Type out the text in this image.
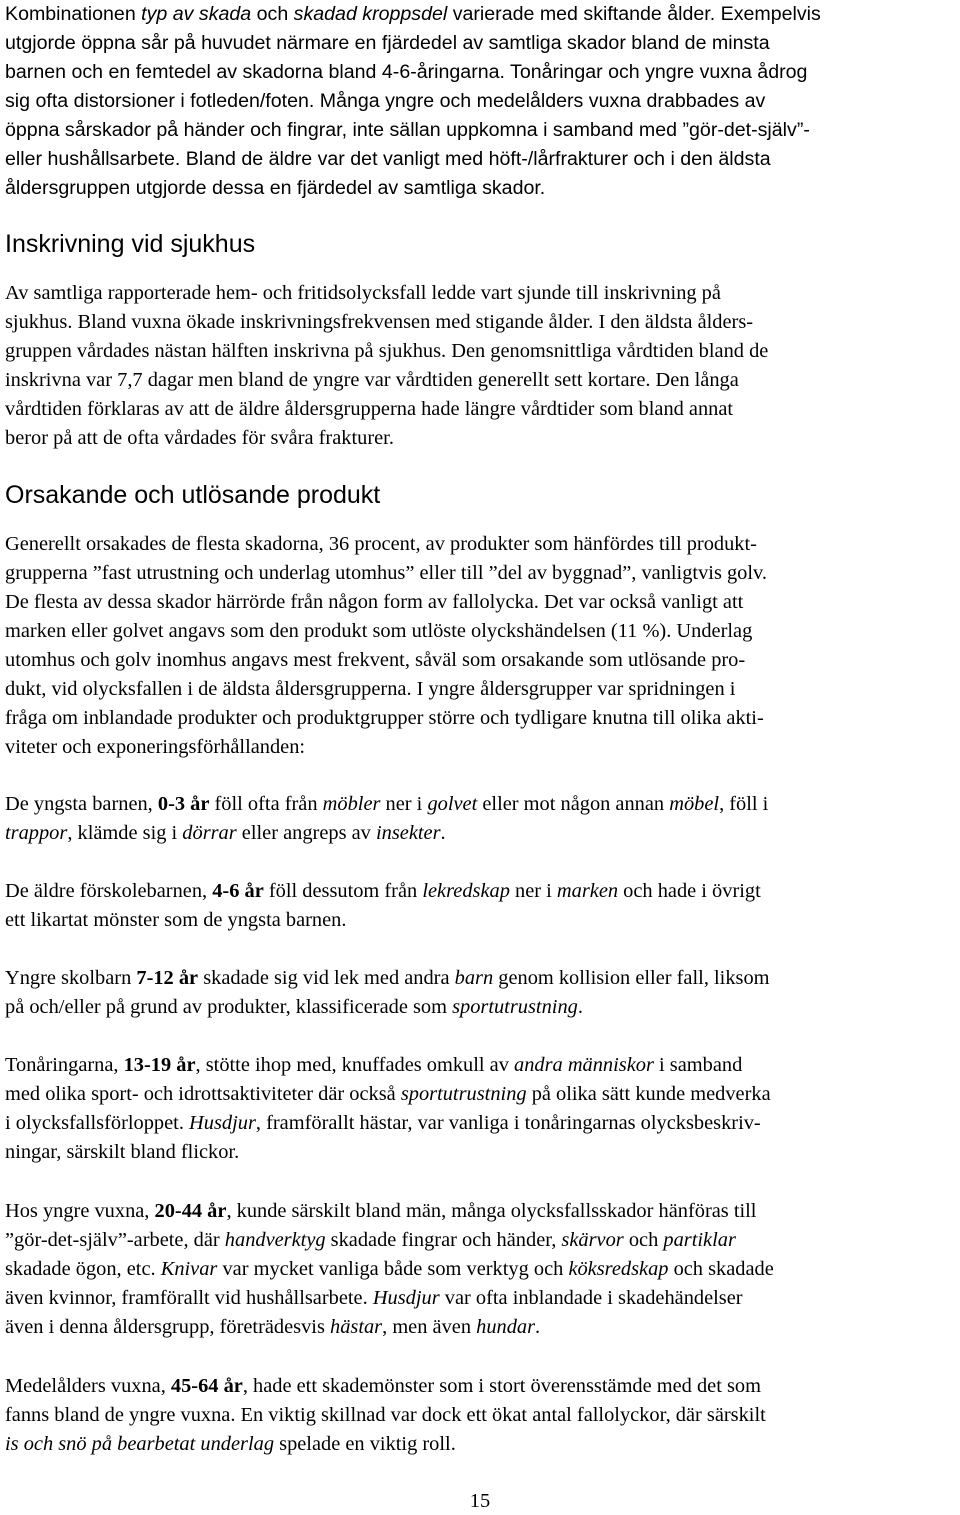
Kombinationen typ av skada och skadad kroppsdel varierade med skiftande ålder. Exempelvis
utgjorde öppna sår på huvudet närmare en fjärdedel av samtliga skador bland de minsta
barnen och en femtedel av skadorna bland 4-6-åringarna. Tonåringar och yngre vuxna ådrog
sig ofta distorsioner i fotleden/foten. Många yngre och medelålders vuxna drabbades av
öppna sårskador på händer och fingrar, inte sällan uppkomna i samband med ”gör-det-själv”-
eller hushållsarbete. Bland de äldre var det vanligt med höft-/lårfrakturer och i den äldsta
åldersgruppen utgjorde dessa en fjärdedel av samtliga skador.

Inskrivning vid sjukhus

Av samtliga rapporterade hem- och fritidsolycksfall ledde vart sjunde till inskrivning på
sjukhus. Bland vuxna ökade inskrivningsfrekvensen med stigande ålder. I den äldsta ålders-
gruppen vårdades nästan hälften inskrivna på sjukhus. Den genomsnittliga vårdtiden bland de
inskrivna var 7,7 dagar men bland de yngre var vårdtiden generellt sett kortare. Den långa
vårdtiden förklaras av att de äldre åldersgrupperna hade längre vårdtider som bland annat
beror på att de ofta vårdades för svåra frakturer.

Orsakande och utlösande produkt

Generellt orsakades de flesta skadorna, 36 procent, av produkter som hänfördes till produkt-
grupperna ”fast utrustning och underlag utomhus” eller till ”del av byggnad”, vanligtvis golv.
De flesta av dessa skador härrörde från någon form av fallolycka. Det var också vanligt att
marken eller golvet angavs som den produkt som utlöste olyckshändelsen (11 %). Underlag
utomhus och golv inomhus angavs mest frekvent, såväl som orsakande som utlösande pro-
dukt, vid olycksfallen i de äldsta åldersgrupperna. I yngre åldersgrupper var spridningen i
fråga om inblandade produkter och produktgrupper större och tydligare knutna till olika akti-
viteter och exponeringsförhållanden:

De yngsta barnen, 0-3 år föll ofta från möbler ner i golvet eller mot någon annan möbel, föll i
trappor, klämde sig i dörrar eller angreps av insekter.

De äldre förskolebarnen, 4-6 år föll dessutom från lekredskap ner i marken och hade i övrigt
ett likartat mönster som de yngsta barnen.

Yngre skolbarn 7-12 år skadade sig vid lek med andra barn genom kollision eller fall, liksom
på och/eller på grund av produkter, klassificerade som sportutrustning.

Tonåringarna, 13-19 år, stötte ihop med, knuffades omkull av andra människor i samband
med olika sport- och idrottsaktiviteter där också sportutrustning på olika sätt kunde medverka
i olycksfallsförloppet. Husdjur, framförallt hästar, var vanliga i tonåringarnas olycksbeskriv-
ningar, särskilt bland flickor.

Hos yngre vuxna, 20-44 år, kunde särskilt bland män, många olycksfallsskador hänföras till
”gör-det-själv”-arbete, där handverktyg skadade fingrar och händer, skärvor och partiklar
skadade ögon, etc. Knivar var mycket vanliga både som verktyg och köksredskap och skadade
även kvinnor, framförallt vid hushållsarbete. Husdjur var ofta inblandade i skadehändelser
även i denna åldersgrupp, företrädesvis hästar, men även hundar.

Medelålders vuxna, 45-64 år, hade ett skademönster som i stort överensstämde med det som
fanns bland de yngre vuxna. En viktig skillnad var dock ett ökat antal fallolyckor, där särskilt
is och snö på bearbetat underlag spelade en viktig roll.

15
